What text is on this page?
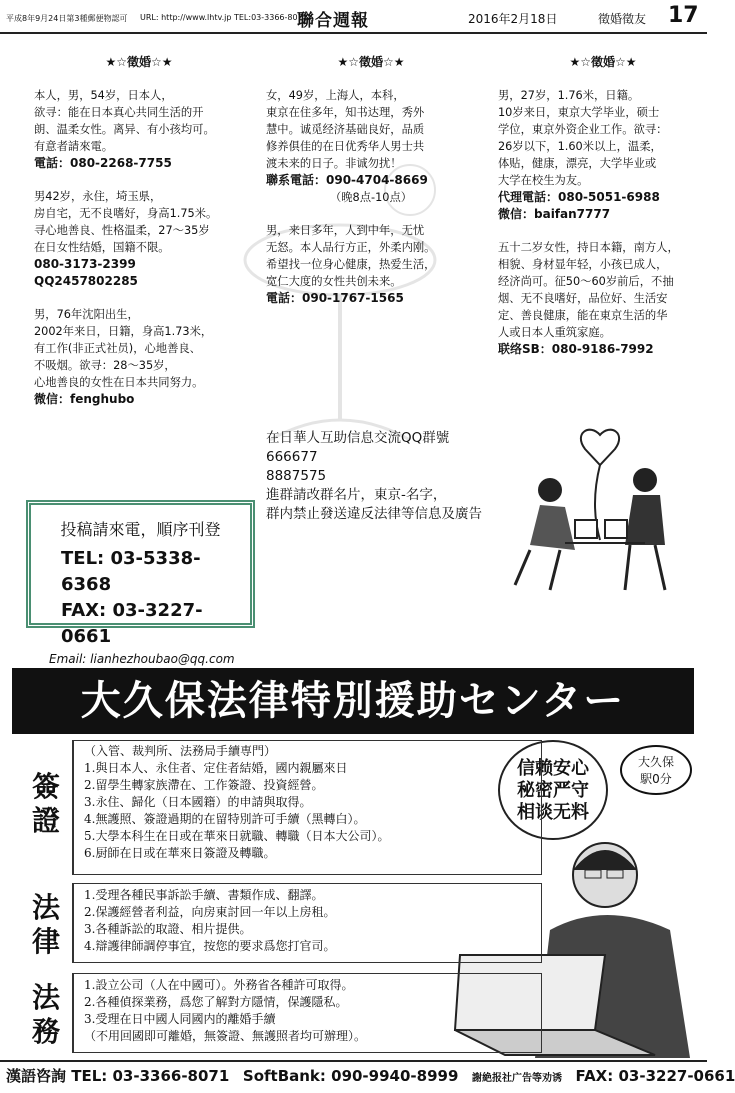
平成8年9月24日第3種郵便物認可 URL: http://www.lhtv.jp TEL:03-3366-8071
聯合週報	2016年2月18日	徵婚徵友 17
★☆徵婚☆★
本人，男，54岁，日本人，
欲寻：能在日本真心共同生活的开
朗、温柔女性。离异、有小孩均可。
有意者請來電。
電話：080-2268-7755
男42岁，永住，埼玉県，
房自宅，无不良嗜好，身高1.75米。
寻心地善良、性格温柔，27～35岁
在日女性结婚，国籍不限。
080-3173-2399
QQ2457802285
男，76年沈阳出生，
2002年来日，日籍，身高1.73米，
有工作(非正式社员)，心地善良、
不吸烟。欲寻：28～35岁，
心地善良的女性在日本共同努力。
微信：fenghubo
★☆徵婚☆★
女，49岁，上海人，本科，
東京在住多年，知书达理，秀外
慧中。诚觅经济基础良好，品质
修养俱佳的在日优秀华人男士共
渡未来的日子。非诚勿扰！
聯系電話：090-4704-8669
（晚8点-10点）
男，来日多年，人到中年，无忧
无怒。本人品行方正，外柔内刚。
希望找一位身心健康，热爱生活，
宽仁大度的女性共创未来。
電話：090-1767-1565
★☆徵婚☆★
男，27岁，1.76米，日籍。
10岁来日，東京大学毕业，硕士
学位，東京外资企业工作。欲寻：
26岁以下，1.60米以上，温柔，
体贴，健康，漂亮，大学毕业或
大学在校生为友。
代理電話：080-5051-6988
微信：baifan7777
五十二岁女性，持日本籍，南方人，
相貌、身材显年轻，小孩已成人，
经济尚可。征50～60岁前后，不抽
烟、无不良嗜好，品位好、生活安
定、善良健康，能在東京生活的华
人或日本人重筑家庭。
联络SB：080-9186-7992
在日華人互助信息交流QQ群號
666677
8887575
進群請改群名片，東京-名字，
群内禁止發送違反法律等信息及廣告
投稿請來電，順序刊登
TEL: 03-5338-6368
FAX: 03-3227-0661
Email: lianhezhoubao@qq.com
大久保法律特別援助センター
信赖安心
秘密严守
相谈无料
大久保
駅0分
簽證
（入管、裁判所、法務局手續専門）
1.與日本人、永住者、定住者結婚，國内親屬來日
2.留學生轉家族滯在、工作簽證、投資經營。
3.永住、歸化（日本國籍）的申請與取得。
4.無護照、簽證過期的在留特別許可手續（黑轉白）。
5.大學本科生在日或在華來日就職、轉職（日本大公司）。
6.厨師在日或在華來日簽證及轉職。
法律
1.受理各種民事訴訟手續、書類作成、翻譯。
2.保護經營者利益，向房東討回一年以上房租。
3.各種訴訟的取證、相片提供。
4.辯護律師調停事宜，按您的要求爲您打官司。
法務
1.設立公司（人在中國可）。外務省各種許可取得。
2.各種偵探業務，爲您了解對方隱情，保護隱私。
3.受理在日中國人同國内的離婚手續
（不用回國即可離婚，無簽證、無護照者均可辦理）。
漢語咨詢 TEL: 03-3366-8071 SoftBank: 090-9940-8999 謝絶报社广告等劝诱 FAX: 03-3227-0661
